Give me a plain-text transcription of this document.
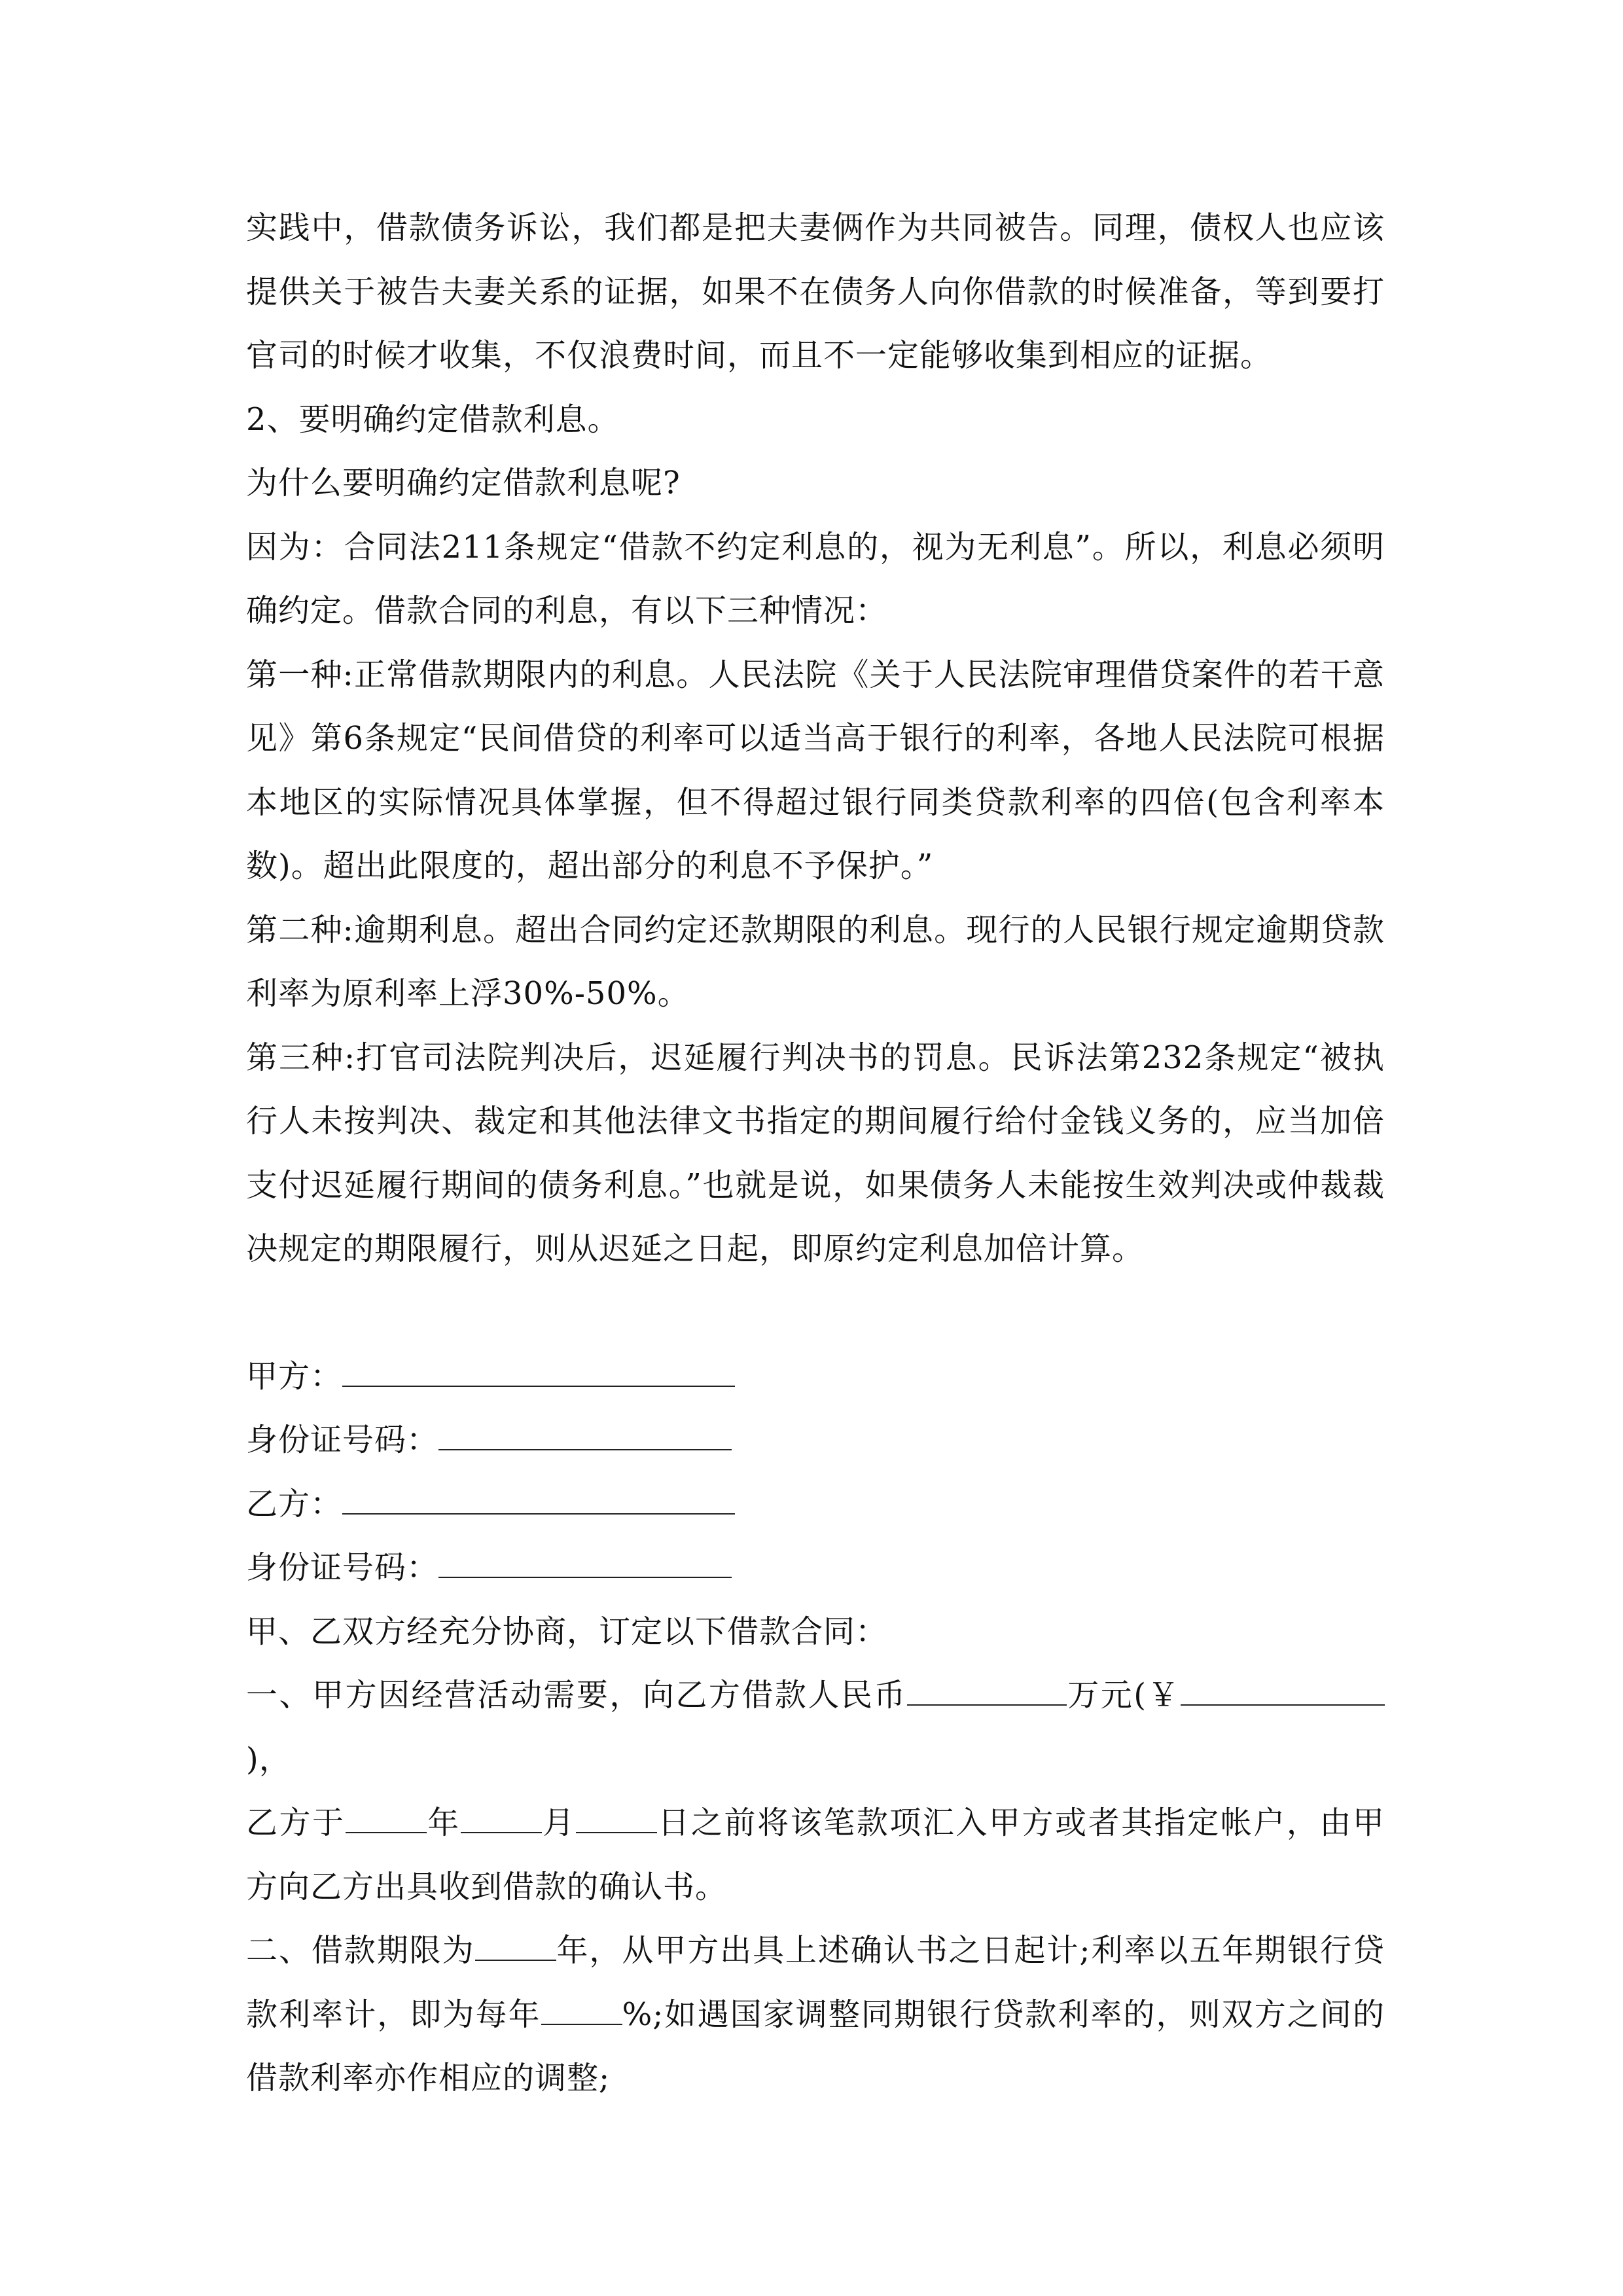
实践中，借款债务诉讼，我们都是把夫妻俩作为共同被告。同理，债权人也应该提供关于被告夫妻关系的证据，如果不在债务人向你借款的时候准备，等到要打官司的时候才收集，不仅浪费时间，而且不一定能够收集到相应的证据。

2、要明确约定借款利息。

为什么要明确约定借款利息呢?

因为：合同法211条规定“借款不约定利息的，视为无利息”。所以，利息必须明确约定。借款合同的利息，有以下三种情况：

第一种:正常借款期限内的利息。人民法院《关于人民法院审理借贷案件的若干意见》第6条规定“民间借贷的利率可以适当高于银行的利率，各地人民法院可根据本地区的实际情况具体掌握，但不得超过银行同类贷款利率的四倍(包含利率本数)。超出此限度的，超出部分的利息不予保护。”

第二种:逾期利息。超出合同约定还款期限的利息。现行的人民银行规定逾期贷款利率为原利率上浮30%-50%。

第三种:打官司法院判决后，迟延履行判决书的罚息。民诉法第232条规定“被执行人未按判决、裁定和其他法律文书指定的期间履行给付金钱义务的，应当加倍支付迟延履行期间的债务利息。”也就是说，如果债务人未能按生效判决或仲裁裁决规定的期限履行，则从迟延之日起，即原约定利息加倍计算。

甲方：

身份证号码：

乙方：

身份证号码：

甲、乙双方经充分协商，订定以下借款合同：

一、甲方因经营活动需要，向乙方借款人民币	万元(￥)，
乙方于	年	月	日之前将该笔款项汇入甲方或者其指定帐户，由甲方向乙方出具收到借款的确认书。

二、借款期限为	年，从甲方出具上述确认书之日起计;利率以五年期银行贷款利率计，即为每年	%;如遇国家调整同期银行贷款利率的，则双方之间的借款利率亦作相应的调整;
